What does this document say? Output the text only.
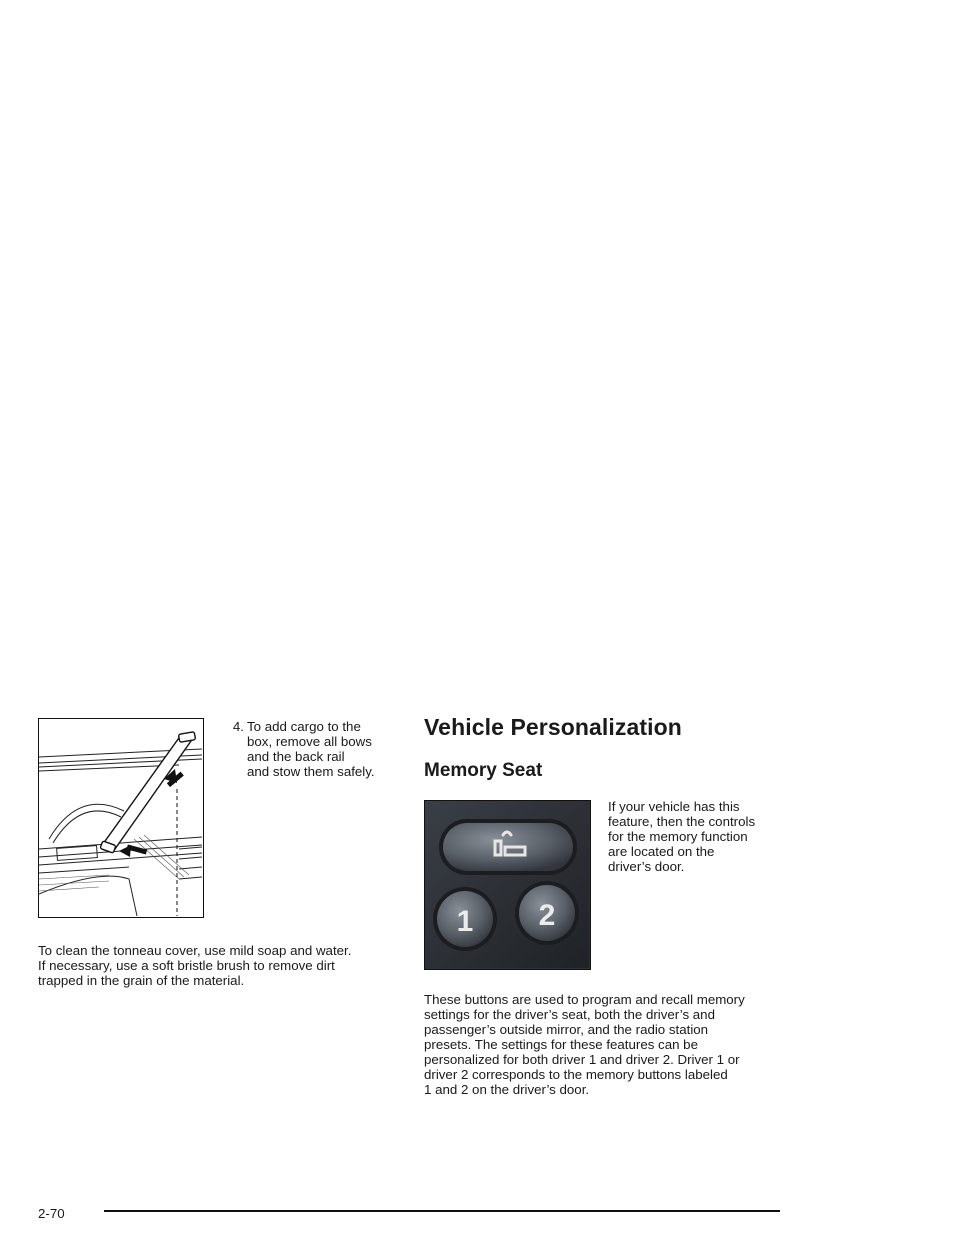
4. To add cargo to the
box, remove all bows
and the back rail
and stow them safely.
To clean the tonneau cover, use mild soap and water.
If necessary, use a soft bristle brush to remove dirt
trapped in the grain of the material.
Vehicle Personalization
Memory Seat
1 2
If your vehicle has this
feature, then the controls
for the memory function
are located on the
driver’s door.
These buttons are used to program and recall memory
settings for the driver’s seat, both the driver’s and
passenger’s outside mirror, and the radio station
presets. The settings for these features can be
personalized for both driver 1 and driver 2. Driver 1 or
driver 2 corresponds to the memory buttons labeled
1 and 2 on the driver’s door.
2-70
